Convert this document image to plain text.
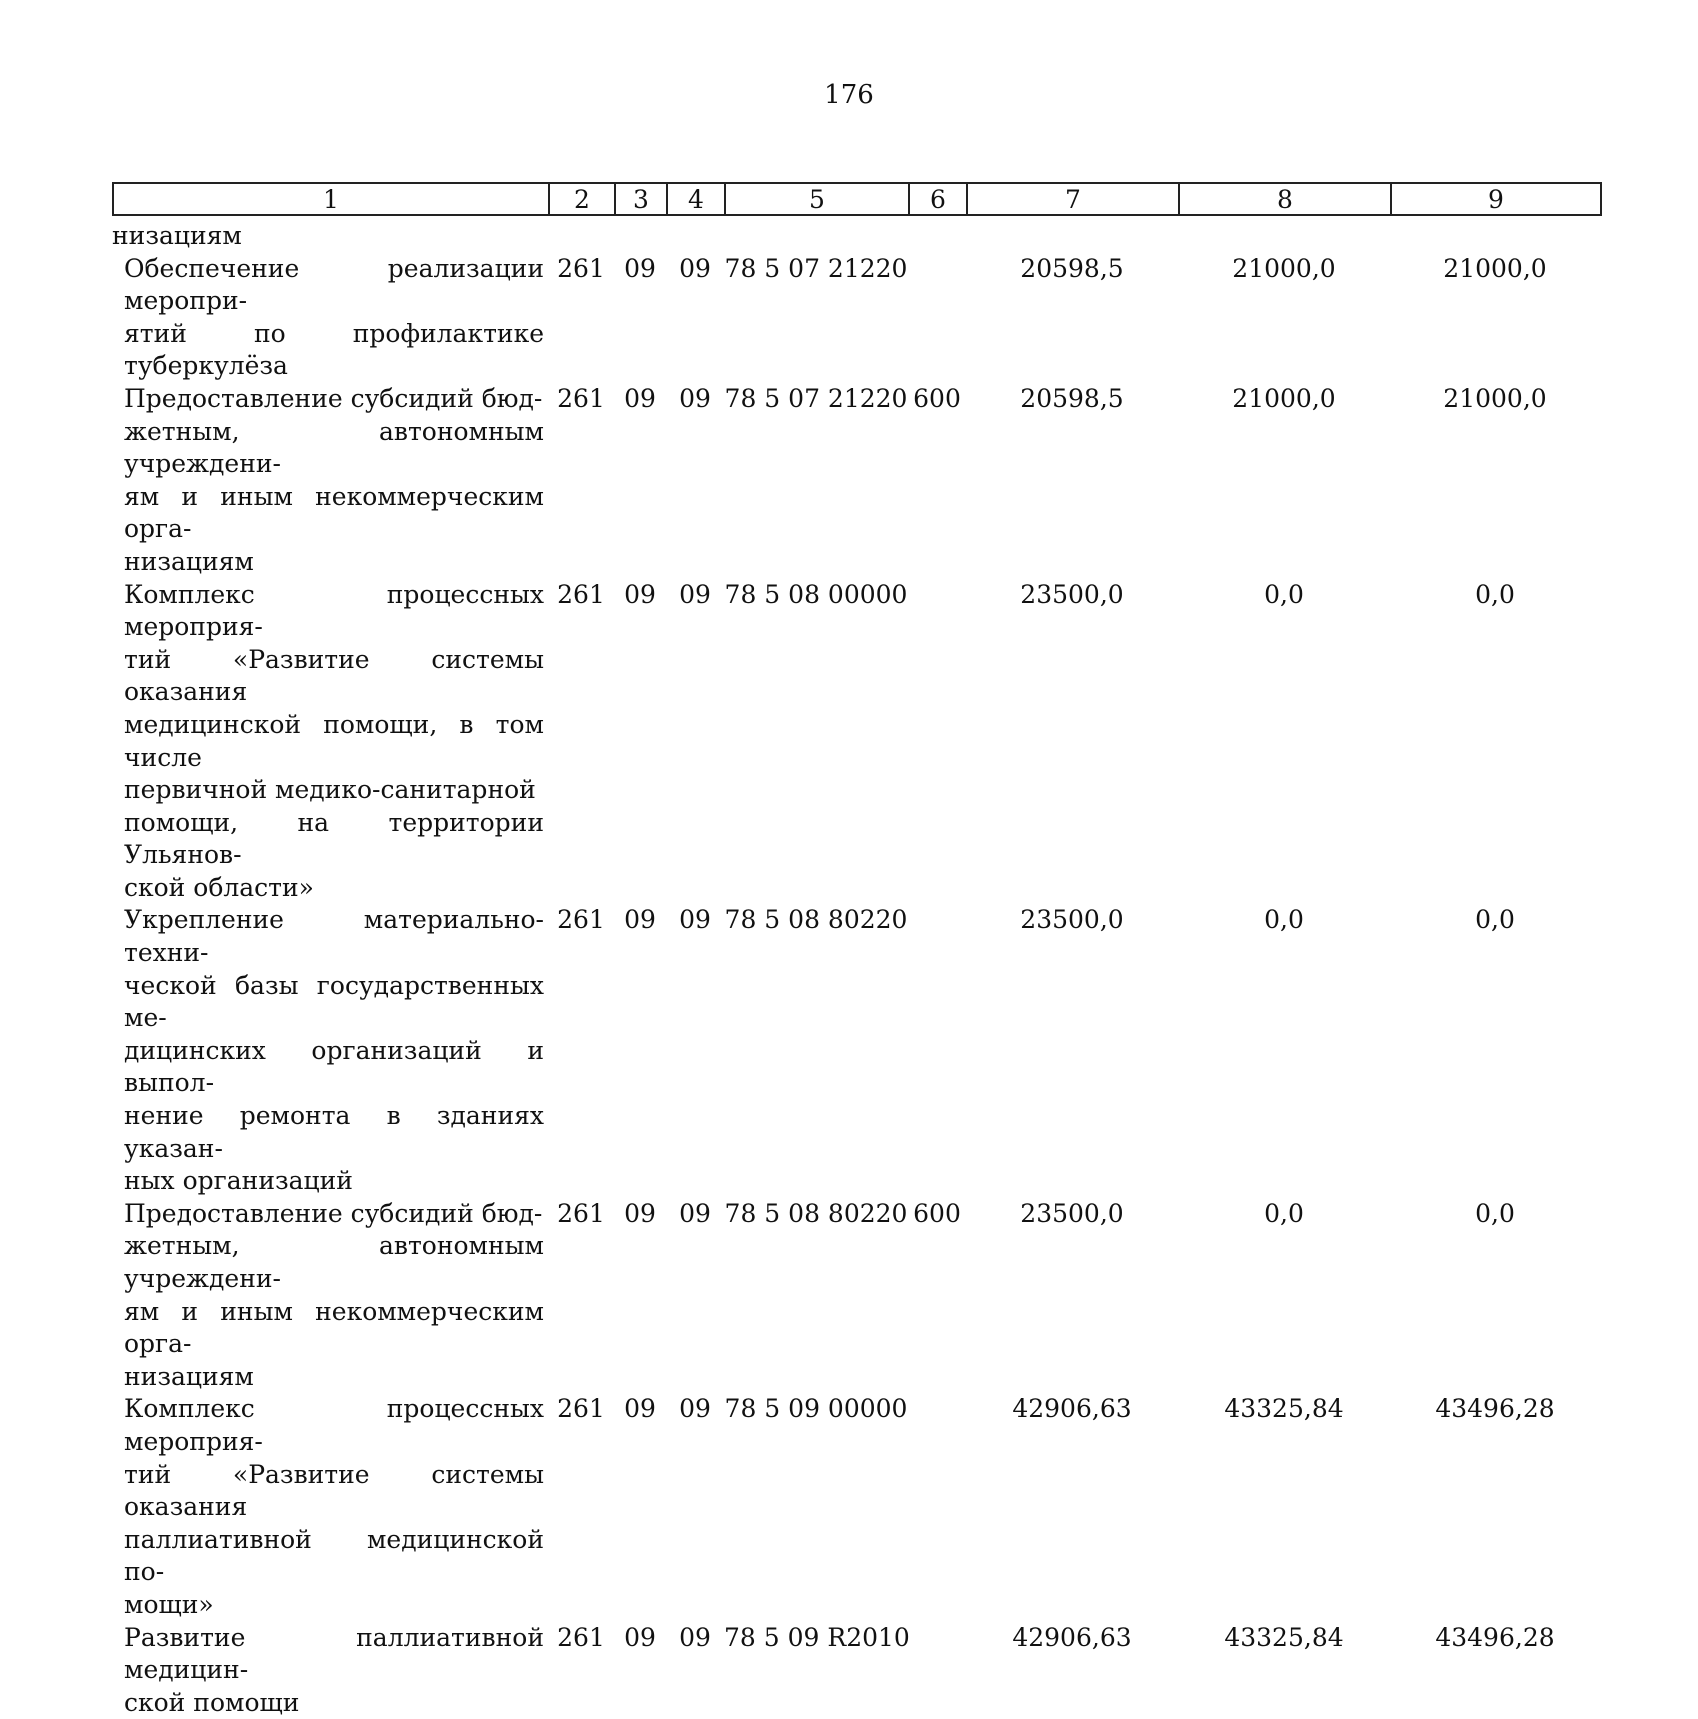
176
1	2	3	4	5	6	7	8	9
низациям
Обеспечение реализации меропри-
ятий по профилактике туберкулёза
261 09 09 78 5 07 21220	20598,5	21000,0	21000,0
Предоставление субсидий бюд-
жетным, автономным учреждени-
ям и иным некоммерческим орга-
низациям
261 09 09 78 5 07 21220 600	20598,5	21000,0	21000,0
Комплекс процессных мероприя-
тий «Развитие системы оказания
медицинской помощи, в том числе
первичной медико-санитарной
помощи, на территории Ульянов-
ской области»
261 09 09 78 5 08 00000	23500,0	0,0	0,0
Укрепление материально-техни-
ческой базы государственных ме-
дицинских организаций и выпол-
нение ремонта в зданиях указан-
ных организаций
261 09 09 78 5 08 80220	23500,0	0,0	0,0
Предоставление субсидий бюд-
жетным, автономным учреждени-
ям и иным некоммерческим орга-
низациям
261 09 09 78 5 08 80220 600	23500,0	0,0	0,0
Комплекс процессных мероприя-
тий «Развитие системы оказания
паллиативной медицинской по-
мощи»
261 09 09 78 5 09 00000	42906,63	43325,84	43496,28
Развитие паллиативной медицин-
ской помощи
261 09 09 78 5 09 R2010	42906,63	43325,84	43496,28
